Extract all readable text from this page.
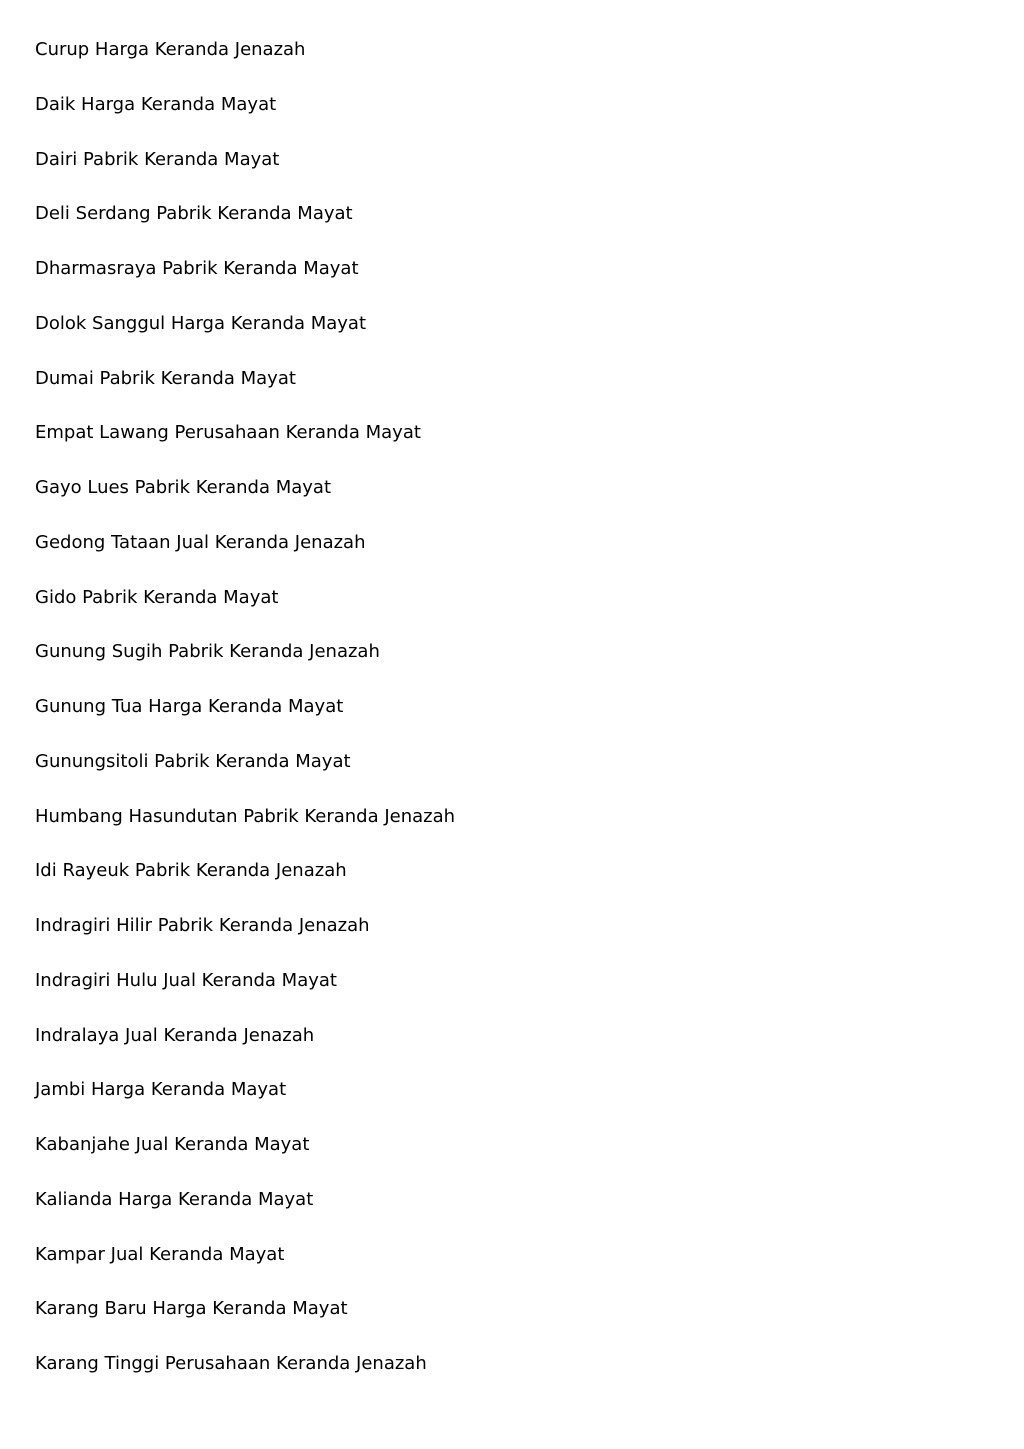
Curup Harga Keranda Jenazah
Daik Harga Keranda Mayat
Dairi Pabrik Keranda Mayat
Deli Serdang Pabrik Keranda Mayat
Dharmasraya Pabrik Keranda Mayat
Dolok Sanggul Harga Keranda Mayat
Dumai Pabrik Keranda Mayat
Empat Lawang Perusahaan Keranda Mayat
Gayo Lues Pabrik Keranda Mayat
Gedong Tataan Jual Keranda Jenazah
Gido Pabrik Keranda Mayat
Gunung Sugih Pabrik Keranda Jenazah
Gunung Tua Harga Keranda Mayat
Gunungsitoli Pabrik Keranda Mayat
Humbang Hasundutan Pabrik Keranda Jenazah
Idi Rayeuk Pabrik Keranda Jenazah
Indragiri Hilir Pabrik Keranda Jenazah
Indragiri Hulu Jual Keranda Mayat
Indralaya Jual Keranda Jenazah
Jambi Harga Keranda Mayat
Kabanjahe Jual Keranda Mayat
Kalianda Harga Keranda Mayat
Kampar Jual Keranda Mayat
Karang Baru Harga Keranda Mayat
Karang Tinggi Perusahaan Keranda Jenazah
